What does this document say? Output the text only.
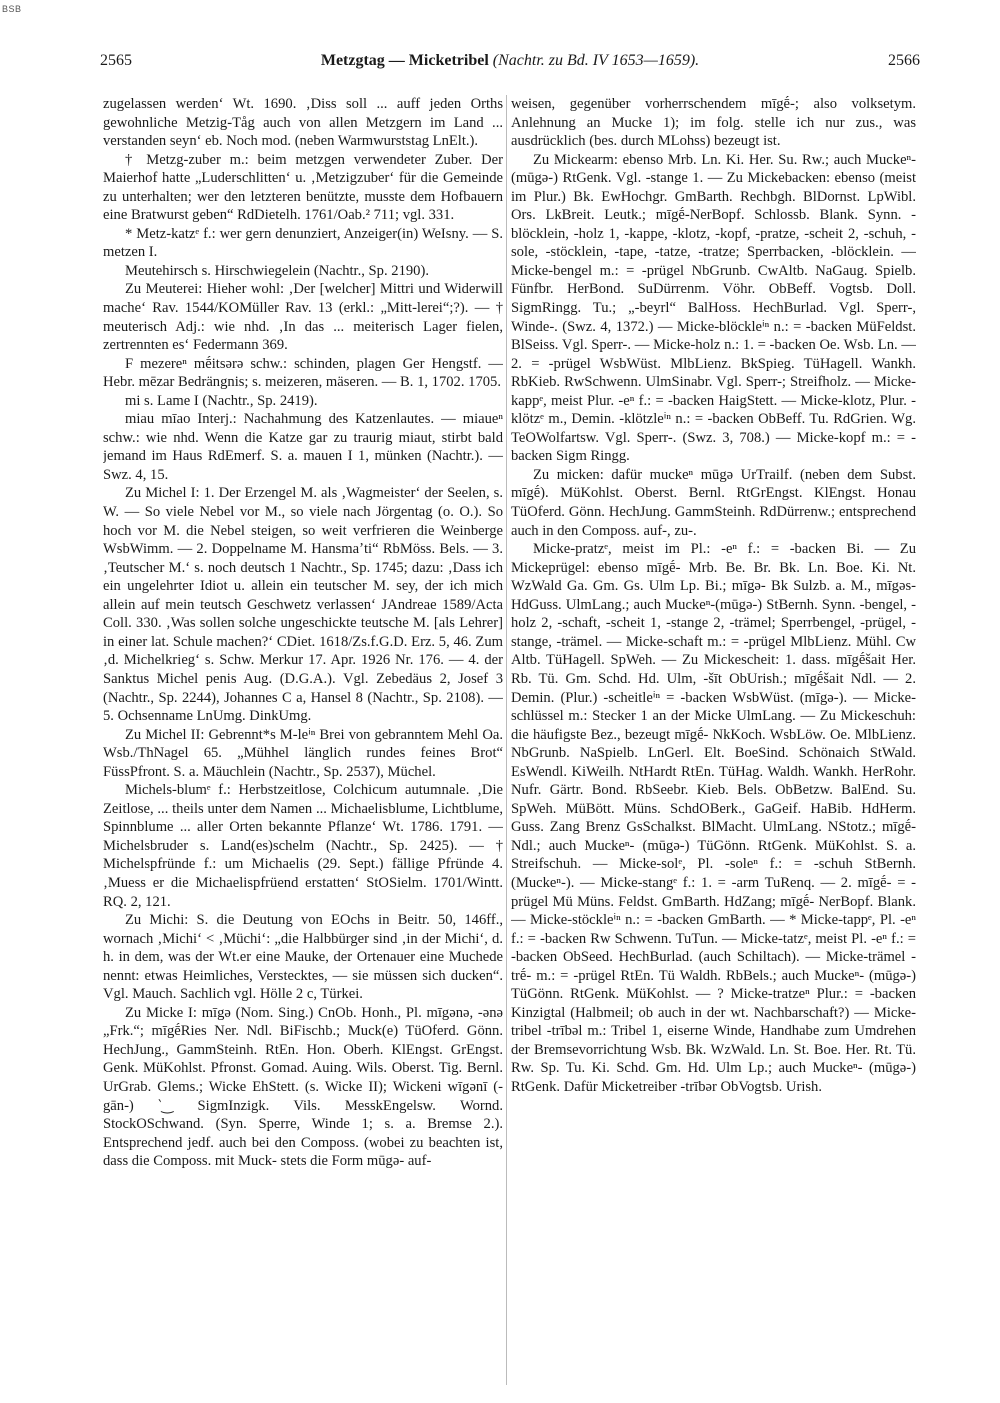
BSB
2565	Metzgtag — Micketribel (Nachtr. zu Bd. IV 1653—1659).	2566

zugelassen werden‘ Wt. 1690. ‚Diss soll ... auff jeden Orths gewohnliche Metzig-Tåg auch von allen Metzgern im Land ... verstanden seyn‘ eb. Noch mod. (neben Warmwurststag LnElt.).

† Metzg-zuber m.: beim metzgen verwendeter Zuber. Der Maierhof hatte „Luderschlitten‘ u. ‚Metzigzuber‘ für die Gemeinde zu unterhalten; wer den letzteren benützte, musste dem Hofbauern eine Bratwurst geben“ RdDietelh. 1761/Oab.² 711; vgl. 331.

* Metz-katzᵉ f.: wer gern denunziert, Anzeiger(in) WeIsny. — S. metzen I.

Meutehirsch s. Hirschwiegelein (Nachtr., Sp. 2190).

Zu Meuterei: Hieher wohl: ‚Der [welcher] Mittri und Widerwill mache‘ Rav. 1544/KOMüller Rav. 13 (erkl.: „Mitt-lerei“;?). — † meuterisch Adj.: wie nhd. ‚In das ... meiterisch Lager fielen, zertrennten es‘ Federmann 369.

F mezereⁿ mḗitsərə schw.: schinden, plagen Ger Hengstf. — Hebr. mēzar Bedrängnis; s. meizeren, mäseren. — B. 1, 1702. 1705.

mi s. Lame I (Nachtr., Sp. 2419).

miau mīao Interj.: Nachahmung des Katzenlautes. — miaueⁿ schw.: wie nhd. Wenn die Katze gar zu traurig miaut, stirbt bald jemand im Haus RdEmerf. S. a. mauen I 1, münken (Nachtr.). — Swz. 4, 15.

Zu Michel I: 1. Der Erzengel M. als ‚Wagmeister‘ der Seelen, s. W. — So viele Nebel vor M., so viele nach Jörgentag (o. O.). So hoch vor M. die Nebel steigen, so weit verfrieren die Weinberge WsbWimm. — 2. Doppelname M. Hansmaʼti“ RbMöss. Bels. — 3. ‚Teutscher M.‘ s. noch deutsch 1 Nachtr., Sp. 1745; dazu: ‚Dass ich ein ungelehrter Idiot u. allein ein teutscher M. sey, der ich mich allein auf mein teutsch Geschwetz verlassen‘ JAndreae 1589/Acta Coll. 330. ‚Was sollen solche ungeschickte teutsche M. [als Lehrer] in einer lat. Schule machen?‘ CDiet. 1618/Zs.f.G.D. Erz. 5, 46. Zum ‚d. Michelkrieg‘ s. Schw. Merkur 17. Apr. 1926 Nr. 176. — 4. der Sanktus Michel penis Aug. (D.G.A.). Vgl. Zebedäus 2, Josef 3 (Nachtr., Sp. 2244), Johannes C a, Hansel 8 (Nachtr., Sp. 2108). — 5. Ochsenname LnUmg. DinkUmg.

Zu Michel II: Gebrennt*s M-leⁱⁿ Brei von gebranntem Mehl Oa. Wsb./ThNagel 65. „Mühhel länglich rundes feines Brot“ FüssPfront. S. a. Mäuchlein (Nachtr., Sp. 2537), Müchel.

Michels-blumᵉ f.: Herbstzeitlose, Colchicum autumnale. ‚Die Zeitlose, ... theils unter dem Namen ... Michaelisblume, Lichtblume, Spinnblume ... aller Orten bekannte Pflanze‘ Wt. 1786. 1791. — Michelsbruder s. Land(es)schelm (Nachtr., Sp. 2425). — † Michelspfründe f.: um Michaelis (29. Sept.) fällige Pfründe 4. ‚Muess er die Michaelispfrüend erstatten‘ StOSielm. 1701/Wintt. RQ. 2, 121.

Zu Michi: S. die Deutung von EOchs in Beitr. 50, 146ff., wornach ‚Michi‘ < ‚Müchi‘: „die Halbbürger sind ‚in der Michi‘, d. h. in dem, was der Wt.er eine Mauke, der Ortenauer eine Muchede nennt: etwas Heimliches, Verstecktes, — sie müssen sich ducken“. Vgl. Mauch. Sachlich vgl. Hölle 2 c, Türkei.

Zu Micke I: mīgə (Nom. Sing.) CnOb. Honh., Pl. mīgənə, -ənə „Frk.“; mīgḗRies Ner. Ndl. BiFischb.; Muck(e) TüOferd. Gönn. HechJung., GammSteinh. RtEn. Hon. Oberh. KlEngst. GrEngst. Genk. MüKohlst. Pfronst. Gomad. Auing. Wils. Oberst. Tig. Bernl. UrGrab. Glems.; Wicke EhStett. (s. Wicke II); Wickeni wīgənī (-gān-) ‵‿ SigmInzigk. Vils. MesskEngelsw. Wornd. StockOSchwand. (Syn. Sperre, Winde 1; s. a. Bremse 2.). Entsprechend jedf. auch bei den Composs. (wobei zu beachten ist, dass die Composs. mit Muck- stets die Form mūgə- auf-

weisen, gegenüber vorherrschendem mīgḗ-; also volksetym. Anlehnung an Mucke 1); im folg. stelle ich nur zus., was ausdrücklich (bes. durch MLohss) bezeugt ist.

Zu Mickearm: ebenso Mrb. Ln. Ki. Her. Su. Rw.; auch Muckeⁿ- (mūgə-) RtGenk. Vgl. -stange 1. — Zu Mickebacken: ebenso (meist im Plur.) Bk. EwHochgr. GmBarth. Rechbgh. BlDornst. LpWibl. Ors. LkBreit. Leutk.; mīgḗ-NerBopf. Schlossb. Blank. Synn. -blöcklein, -holz 1, -kappe, -klotz, -kopf, -pratze, -scheit 2, -schuh, -sole, -stöcklein, -tape, -tatze, -tratze; Sperrbacken, -blöcklein. — Micke-bengel m.: = -prügel NbGrunb. CwAltb. NaGaug. Spielb. Fünfbr. HerBond. SuDürrenm. Vöhr. ObBeff. Vogtsb. Doll. SigmRingg. Tu.; „-beyrl“ BalHoss. HechBurlad. Vgl. Sperr-, Winde-. (Swz. 4, 1372.) — Micke-blöckleⁱⁿ n.: = -backen MüFeldst. BlSeiss. Vgl. Sperr-. — Micke-holz n.: 1. = -backen Oe. Wsb. Ln. — 2. = -prügel WsbWüst. MlbLienz. BkSpieg. TüHagell. Wankh. RbKieb. RwSchwenn. UlmSinabr. Vgl. Sperr-; Streifholz. — Micke-kappᵉ, meist Plur. -eⁿ f.: = -backen HaigStett. — Micke-klotz, Plur. -klötzᵉ m., Demin. -klötzleⁱⁿ n.: = -backen ObBeff. Tu. RdGrien. Wg. TeOWolfartsw. Vgl. Sperr-. (Swz. 3, 708.) — Micke-kopf m.: = -backen Sigm Ringg.

Zu micken: dafür muckeⁿ mūgə UrTrailf. (neben dem Subst. mīgḗ). MüKohlst. Oberst. Bernl. RtGrEngst. KlEngst. Honau TüOferd. Gönn. HechJung. GammSteinh. RdDürrenw.; entsprechend auch in den Composs. auf-, zu-.

Micke-pratzᵉ, meist im Pl.: -eⁿ f.: = -backen Bi. — Zu Mickeprügel: ebenso mīgḗ- Mrb. Be. Br. Bk. Ln. Boe. Ki. Nt. WzWald Ga. Gm. Gs. Ulm Lp. Bi.; mīgə- Bk Sulzb. a. M., mīgəs- HdGuss. UlmLang.; auch Muckeⁿ-(mūgə-) StBernh. Synn. -bengel, -holz 2, -schaft, -scheit 1, -stange 2, -trämel; Sperrbengel, -prügel, -stange, -trämel. — Micke-schaft m.: = -prügel MlbLienz. Mühl. Cw Altb. TüHagell. SpWeh. — Zu Mickescheit: 1. dass. mīgḗšait Her. Rb. Tü. Gm. Schd. Hd. Ulm, -šīt ObUrish.; mīgḗšait Ndl. — 2. Demin. (Plur.) -scheitleⁱⁿ = -backen WsbWüst. (mīgə-). — Micke-schlüssel m.: Stecker 1 an der Micke UlmLang. — Zu Mickeschuh: die häufigste Bez., bezeugt mīgḗ- NkKoch. WsbLöw. Oe. MlbLienz. NbGrunb. NaSpielb. LnGerl. Elt. BoeSind. Schönaich StWald. EsWendl. KiWeilh. NtHardt RtEn. TüHag. Waldh. Wankh. HerRohr. Nufr. Gärtr. Bond. RbSeebr. Kieb. Bels. ObBetzw. BalEnd. Su. SpWeh. MüBött. Müns. SchdOBerk., GaGeif. HaBib. HdHerm. Guss. Zang Brenz GsSchalkst. BlMacht. UlmLang. NStotz.; mīgḗ-Ndl.; auch Muckeⁿ- (mūgə-) TüGönn. RtGenk. MüKohlst. S. a. Streifschuh. — Micke-solᵉ, Pl. -soleⁿ f.: = -schuh StBernh. (Muckeⁿ-). — Micke-stangᵉ f.: 1. = -arm TuRenq. — 2. mīgḗ- = -prügel Mü Müns. Feldst. GmBarth. HdZang; mīgḗ- NerBopf. Blank. — Micke-stöckleⁱⁿ n.: = -backen GmBarth. — * Micke-tappᵉ, Pl. -eⁿ f.: = -backen Rw Schwenn. TuTun. — Micke-tatzᵉ, meist Pl. -eⁿ f.: = -backen ObSeed. HechBurlad. (auch Schiltach). — Micke-trämel -trḗ- m.: = -prügel RtEn. Tü Waldh. RbBels.; auch Muckeⁿ- (mūgə-) TüGönn. RtGenk. MüKohlst. — ? Micke-tratzeⁿ Plur.: = -backen Kinzigtal (Halbmeil; ob auch in der wt. Nachbarschaft?) — Micke-tribel -trībəl m.: Tribel 1, eiserne Winde, Handhabe zum Umdrehen der Bremsevorrichtung Wsb. Bk. WzWald. Ln. St. Boe. Her. Rt. Tü. Rw. Sp. Tu. Ki. Schd. Gm. Hd. Ulm Lp.; auch Muckeⁿ- (mūgə-) RtGenk. Dafür Micketreiber -trībər ObVogtsb. Urish.
